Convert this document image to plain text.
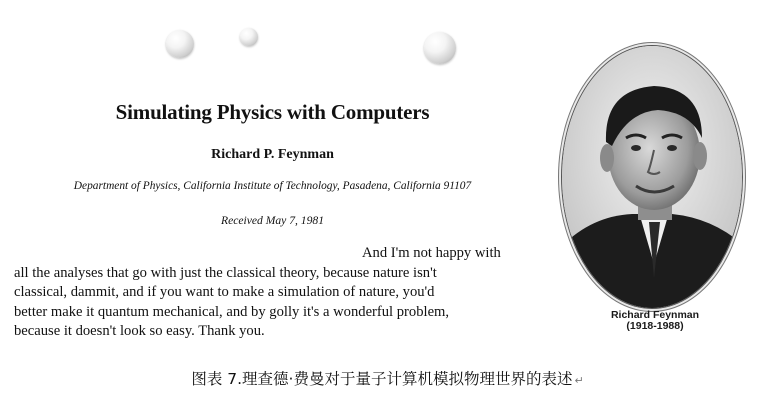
Simulating Physics with Computers
Richard P. Feynman
Department of Physics, California Institute of Technology, Pasadena, California 91107
Received May 7, 1981
And I'm not happy with
all the analyses that go with just the classical theory, because nature isn't
classical, dammit, and if you want to make a simulation of nature, you'd
better make it quantum mechanical, and by golly it's a wonderful problem,
because it doesn't look so easy. Thank you.
Richard Feynman
(1918-1988)
图表 7.理查德·费曼对于量子计算机模拟物理世界的表述 ↵
